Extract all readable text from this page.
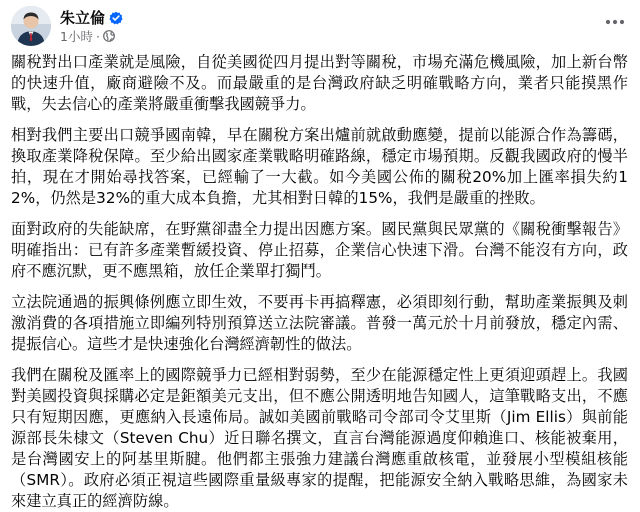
朱立倫
1小時 ·

關稅對出口產業就是風險，自從美國從四月提出對等關稅，市場充滿危機風險，加上新台幣的快速升值，廠商避險不及。而最嚴重的是台灣政府缺乏明確戰略方向，業者只能摸黑作戰，失去信心的產業將嚴重衝擊我國競爭力。

相對我們主要出口競爭國南韓，早在關稅方案出爐前就啟動應變，提前以能源合作為籌碼，換取產業降稅保障。至少給出國家產業戰略明確路線，穩定市場預期。反觀我國政府的慢半拍，現在才開始尋找答案，已經輸了一大截。如今美國公佈的關稅20%加上匯率損失約12%，仍然是32%的重大成本負擔，尤其相對日韓的15%，我們是嚴重的挫敗。

面對政府的失能缺席，在野黨卻盡全力提出因應方案。國民黨與民眾黨的《關稅衝擊報告》明確指出：已有許多產業暫緩投資、停止招募，企業信心快速下滑。台灣不能沒有方向，政府不應沉默，更不應黑箱，放任企業單打獨鬥。

立法院通過的振興條例應立即生效，不要再卡再搞釋憲，必須即刻行動，幫助產業振興及刺激消費的各項措施立即編列特別預算送立法院審議。普發一萬元於十月前發放，穩定內需、提振信心。這些才是快速強化台灣經濟韌性的做法。

我們在關稅及匯率上的國際競爭力已經相對弱勢，至少在能源穩定性上更須迎頭趕上。我國對美國投資與採購必定是鉅額美元支出，但不應公開透明地告知國人，這筆戰略支出，不應只有短期因應，更應納入長遠佈局。誠如美國前戰略司令部司令艾里斯（Jim Ellis）與前能源部長朱棣文（Steven Chu）近日聯名撰文，直言台灣能源過度仰賴進口、核能被棄用，是台灣國安上的阿基里斯腱。他們都主張強力建議台灣應重啟核電，並發展小型模組核能（SMR）。政府必須正視這些國際重量級專家的提醒，把能源安全納入戰略思維，為國家未來建立真正的經濟防線。
